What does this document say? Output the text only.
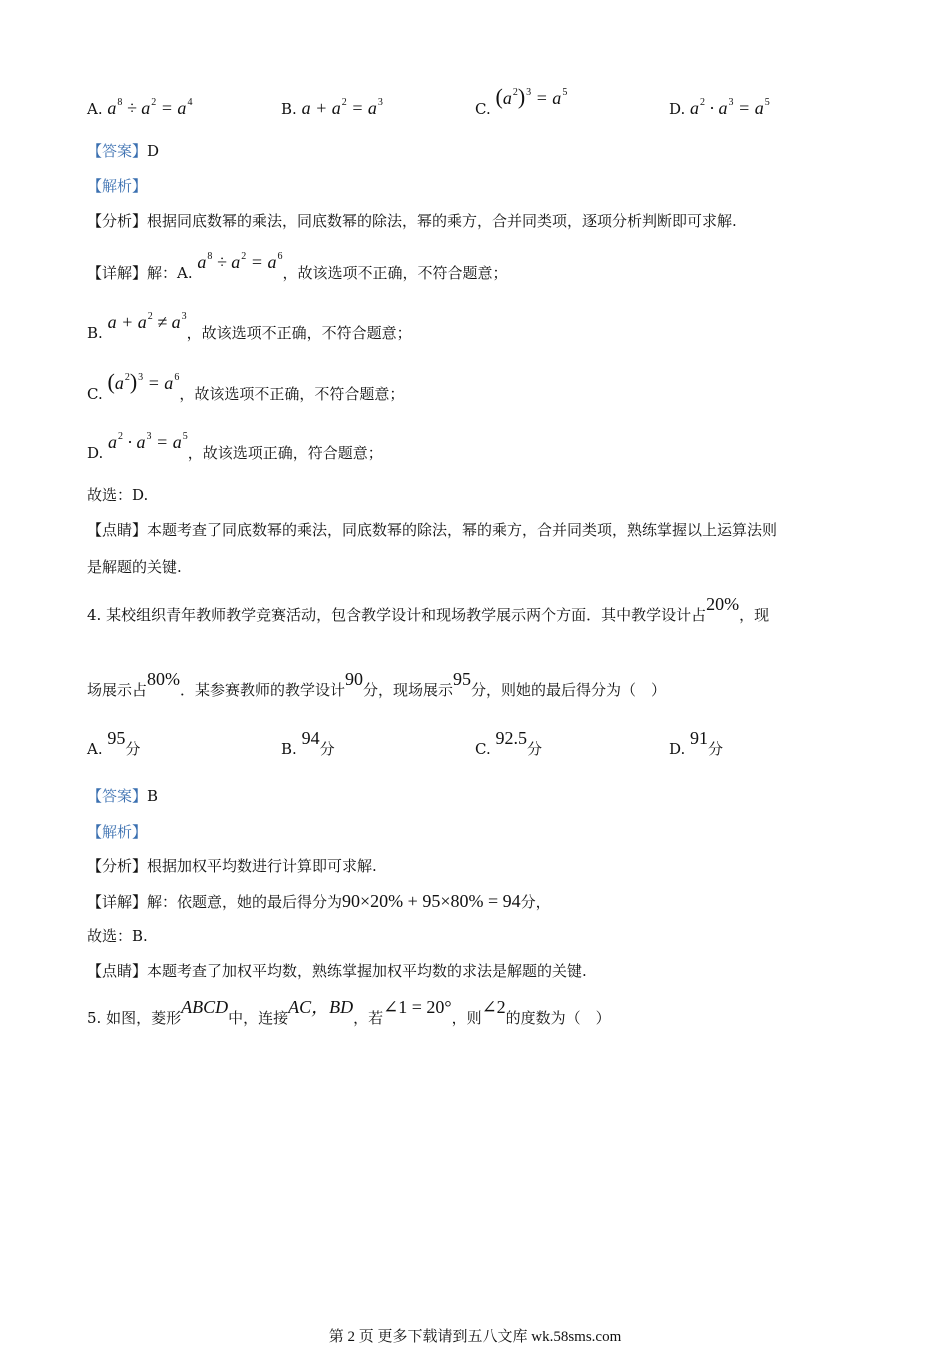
A. $a^8 \div a^2 = a^4$	B. $a + a^2 = a^3$	C. $(a^2)^3 = a^5$
D. $a^2 \cdot a^3 = a^5$
【答案】D
【解析】
【分析】根据同底数幂的乘法，同底数幂的除法，幂的乘方，合并同类项，逐项分析判断即可求解.
【详解】解：A. $a^8 \div a^2 = a^6$，故该选项不正确，不符合题意；
B. $a + a^2 \ne a^3$，故该选项不正确，不符合题意；
C. $(a^2)^3 = a^6$，故该选项不正确，不符合题意；
D. $a^2 \cdot a^3 = a^5$，故该选项正确，符合题意；
故选：D.
【点睛】本题考查了同底数幂的乘法，同底数幂的除法，幂的乘方，合并同类项，熟练掌握以上运算法则
是解题的关键.
4. 某校组织青年教师教学竞赛活动，包含教学设计和现场教学展示两个方面．其中教学设计占20%，现
场展示占80%．某参赛教师的教学设计90分，现场展示95分，则她的最后得分为（　）
A. 95分	B. 94分	C. 92.5分	D. 91分
【答案】B
【解析】
【分析】根据加权平均数进行计算即可求解.
【详解】解：依题意，她的最后得分为90×20% + 95×80% = 94分，
故选：B.
【点睛】本题考查了加权平均数，熟练掌握加权平均数的求法是解题的关键.
5. 如图，菱形ABCD中，连接AC，BD，若∠1 = 20°，则∠2的度数为（　）
第 2 页 更多下载请到五八文库 wk.58sms.com
